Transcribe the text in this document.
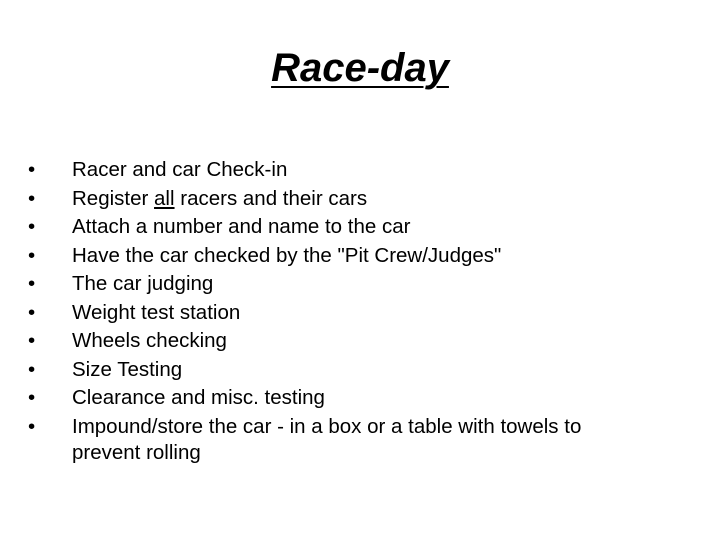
Race-day
•	Racer and car Check-in
•	Register all racers and their cars
•	Attach a number and name to the car
•	Have the car checked by the "Pit Crew/Judges"
•	The car judging
•	Weight test station
•	Wheels checking
•	Size Testing
•	Clearance and misc. testing
•	Impound/store the car - in a box or a table with towels to
prevent rolling
